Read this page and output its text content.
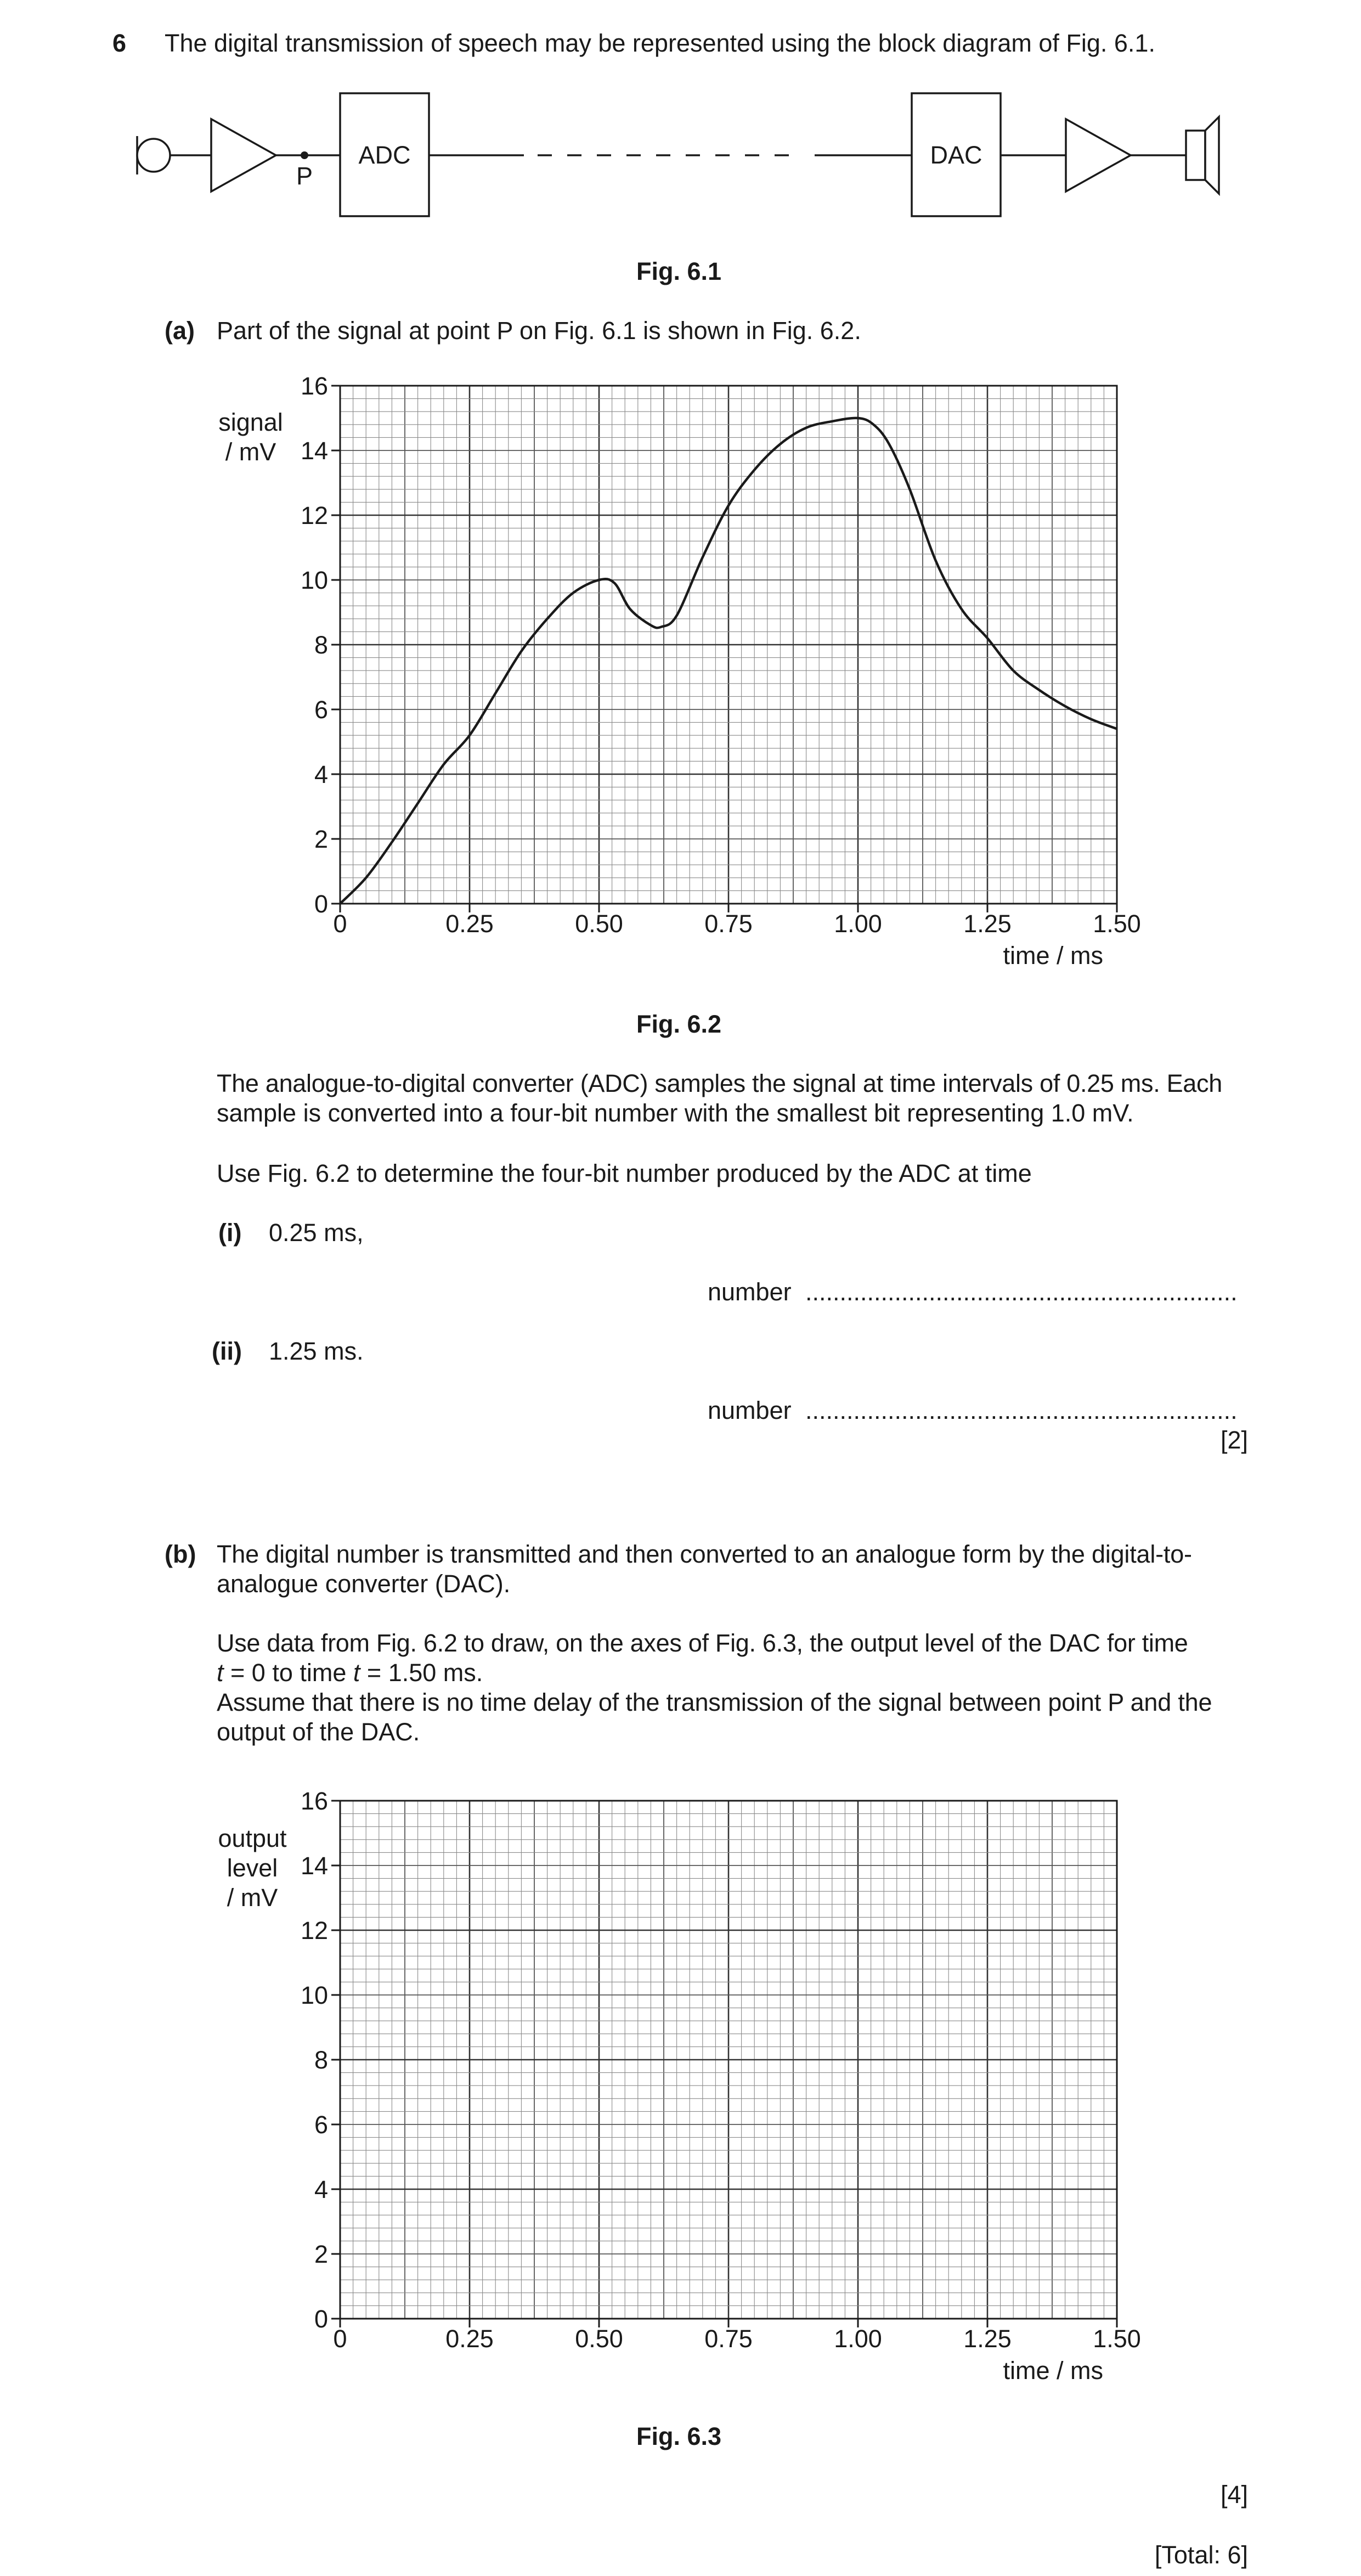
6 The digital transmission of speech may be represented using the block diagram of Fig. 6.1.
P
ADC	DAC
Fig. 6.1
(a) Part of the signal at point P on Fig. 6.1 is shown in Fig. 6.2.
0	0.25	0.50	0.75	1.00	1.25	1.50
0
2
4
6
8
10
12
14
16
signal
/ mV
time / ms
Fig. 6.2
The analogue-to-digital converter (ADC) samples the signal at time intervals of 0.25 ms. Each
sample is converted into a four-bit number with the smallest bit representing 1.0 mV.
Use Fig. 6.2 to determine the four-bit number produced by the ADC at time
(i) 0.25 ms,
number ...............................................................
(ii) 1.25 ms.
number ...............................................................
[2]
(b) The digital number is transmitted and then converted to an analogue form by the digital-to-
analogue converter (DAC).
Use data from Fig. 6.2 to draw, on the axes of Fig. 6.3, the output level of the DAC for time
t = 0 to time t = 1.50 ms.
Assume that there is no time delay of the transmission of the signal between point P and the
output of the DAC.
0	0.25	0.50	0.75	1.00	1.25	1.50
0
2
4
6
8
10
12
14
16
output
level
/ mV
time / ms
Fig. 6.3
[4]
[Total: 6]
